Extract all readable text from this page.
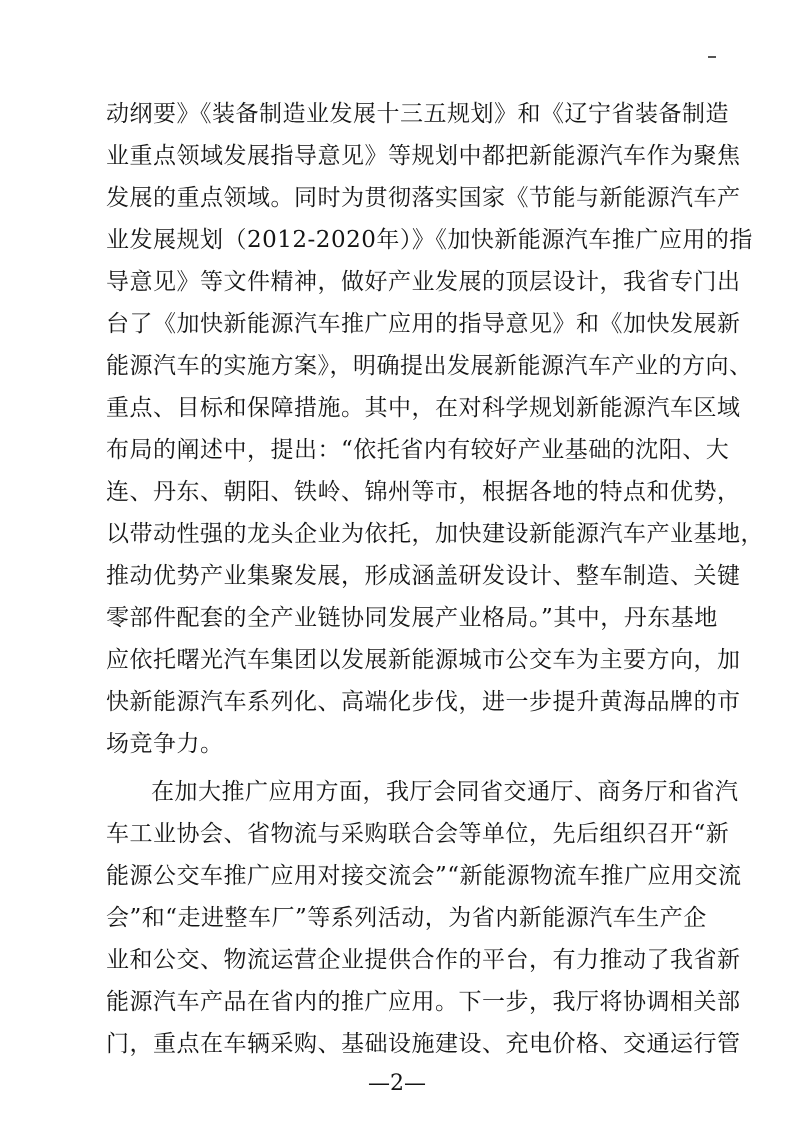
动纲要》《装备制造业发展十三五规划》和《辽宁省装备制造

业重点领域发展指导意见》等规划中都把新能源汽车作为聚焦

发展的重点领域。同时为贯彻落实国家《节能与新能源汽车产

业发展规划（2012-2020年）》《加快新能源汽车推广应用的指

导意见》等文件精神，做好产业发展的顶层设计，我省专门出

台了《加快新能源汽车推广应用的指导意见》和《加快发展新

能源汽车的实施方案》，明确提出发展新能源汽车产业的方向、

重点、目标和保障措施。其中，在对科学规划新能源汽车区域

布局的阐述中，提出：“依托省内有较好产业基础的沈阳、大

连、丹东、朝阳、铁岭、锦州等市，根据各地的特点和优势，

以带动性强的龙头企业为依托，加快建设新能源汽车产业基地，

推动优势产业集聚发展，形成涵盖研发设计、整车制造、关键

零部件配套的全产业链协同发展产业格局。”其中，丹东基地

应依托曙光汽车集团以发展新能源城市公交车为主要方向，加

快新能源汽车系列化、高端化步伐，进一步提升黄海品牌的市

场竞争力。

在加大推广应用方面，我厅会同省交通厅、商务厅和省汽

车工业协会、省物流与采购联合会等单位，先后组织召开“新

能源公交车推广应用对接交流会”“新能源物流车推广应用交流

会”和“走进整车厂”等系列活动，为省内新能源汽车生产企

业和公交、物流运营企业提供合作的平台，有力推动了我省新

能源汽车产品在省内的推广应用。下一步，我厅将协调相关部

门，重点在车辆采购、基础设施建设、充电价格、交通运行管

—2—
